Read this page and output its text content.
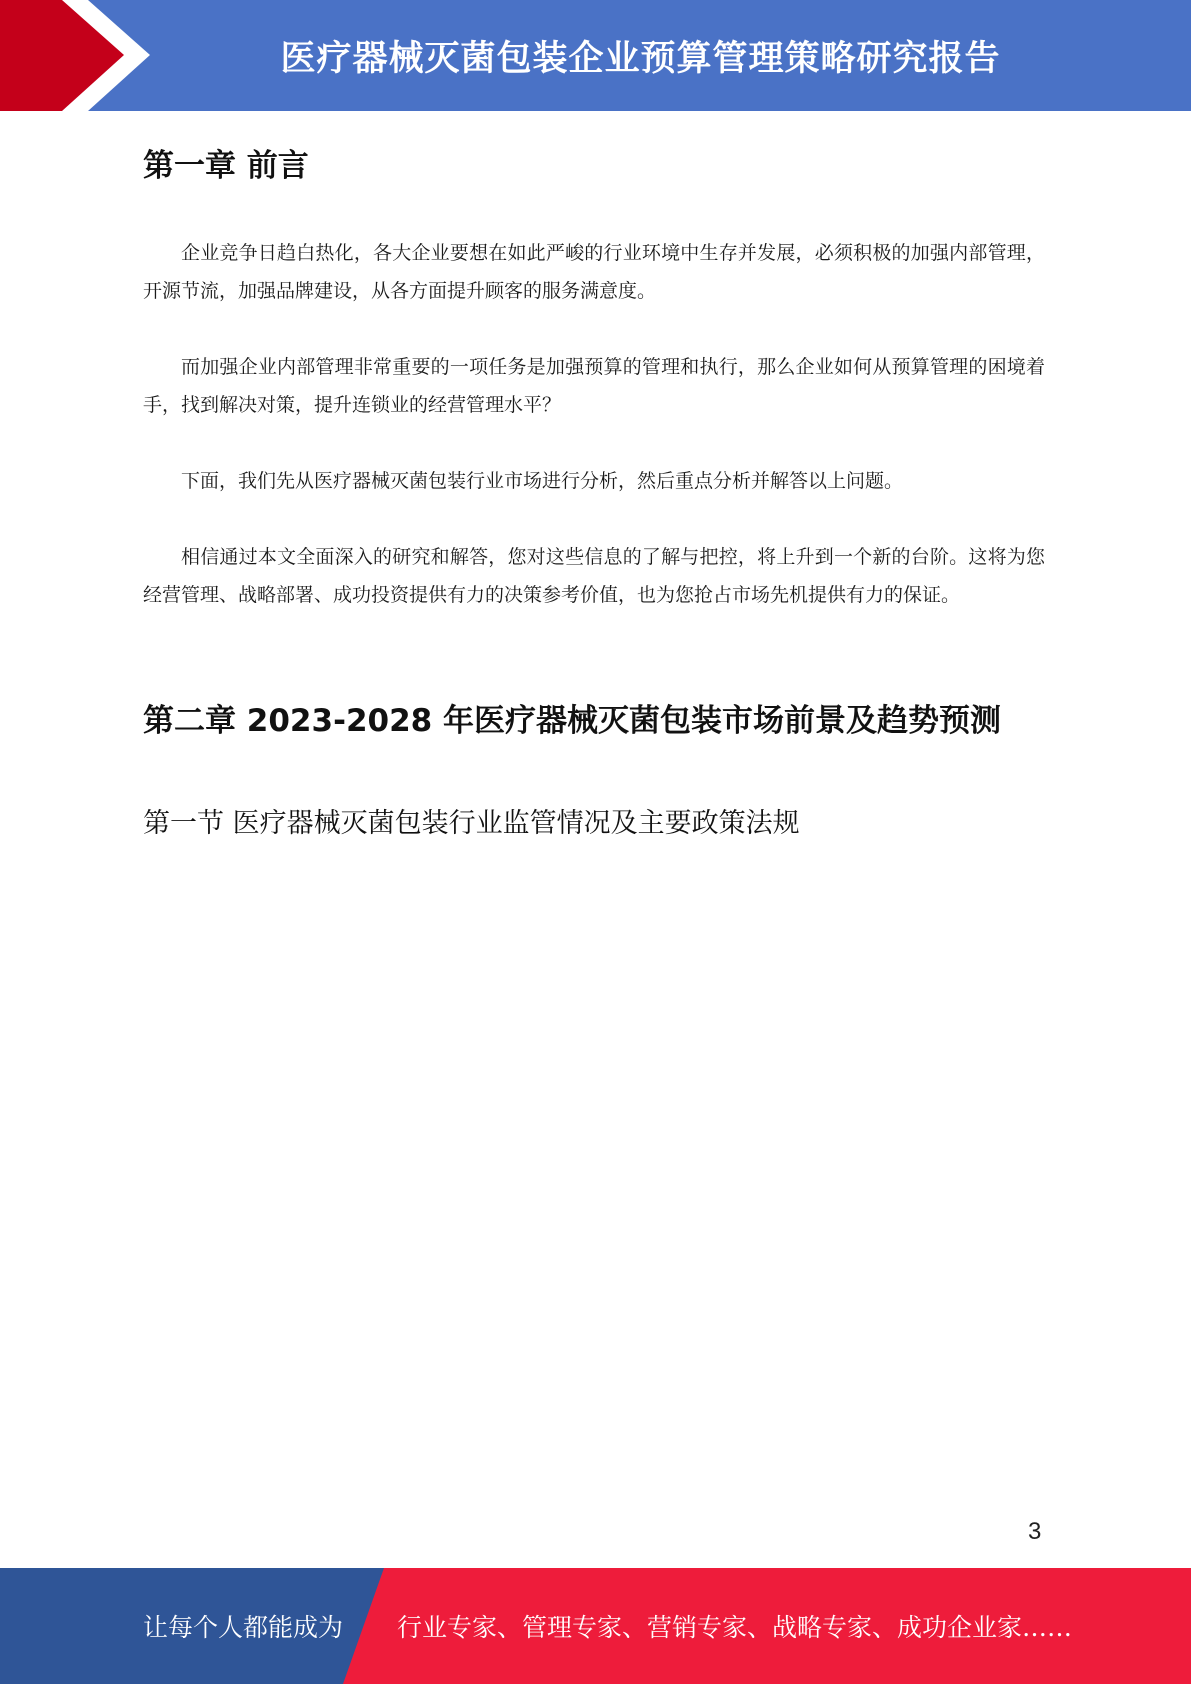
医疗器械灭菌包装企业预算管理策略研究报告
第一章 前言

企业竞争日趋白热化，各大企业要想在如此严峻的行业环境中生存并发展，必须积极的加强内部管理，开源节流，加强品牌建设，从各方面提升顾客的服务满意度。

而加强企业内部管理非常重要的一项任务是加强预算的管理和执行，那么企业如何从预算管理的困境着手，找到解决对策，提升连锁业的经营管理水平？

下面，我们先从医疗器械灭菌包装行业市场进行分析，然后重点分析并解答以上问题。

相信通过本文全面深入的研究和解答，您对这些信息的了解与把控，将上升到一个新的台阶。这将为您经营管理、战略部署、成功投资提供有力的决策参考价值，也为您抢占市场先机提供有力的保证。

第二章 2023-2028 年医疗器械灭菌包装市场前景及趋势预测
第一节 医疗器械灭菌包装行业监管情况及主要政策法规
3
让每个人都能成为 行业专家、管理专家、营销专家、战略专家、成功企业家……
